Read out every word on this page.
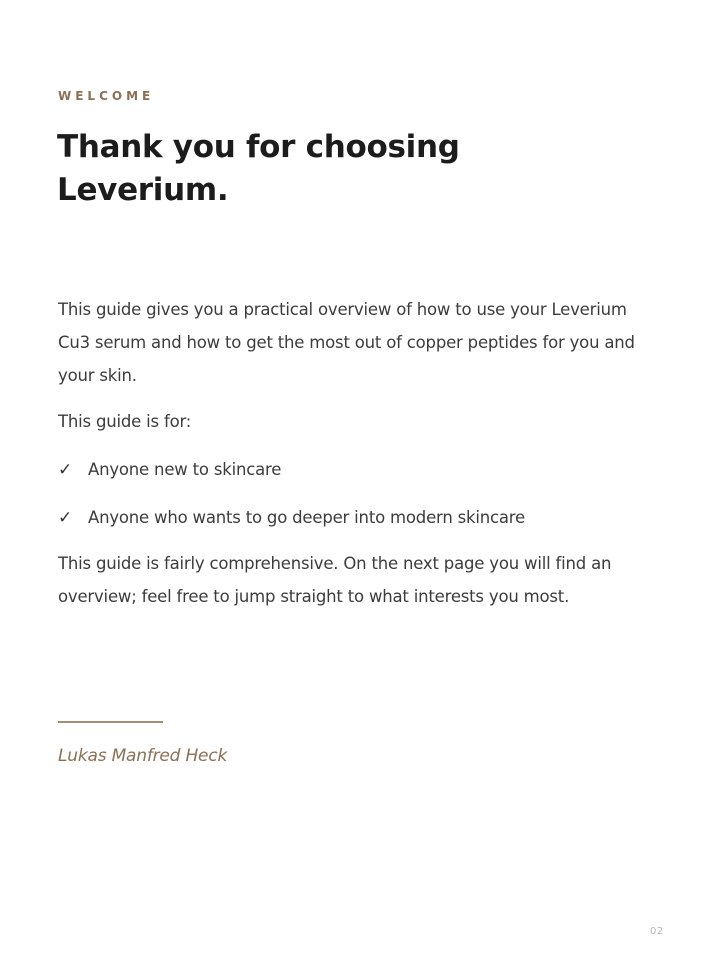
WELCOME
Thank you for choosing
Leverium.

This guide gives you a practical overview of how to use your Leverium
Cu3 serum and how to get the most out of copper peptides for you and
your skin.

This guide is for:

✓ Anyone new to skincare
✓ Anyone who wants to go deeper into modern skincare

This guide is fairly comprehensive. On the next page you will find an
overview; feel free to jump straight to what interests you most.

Lukas Manfred Heck
02
